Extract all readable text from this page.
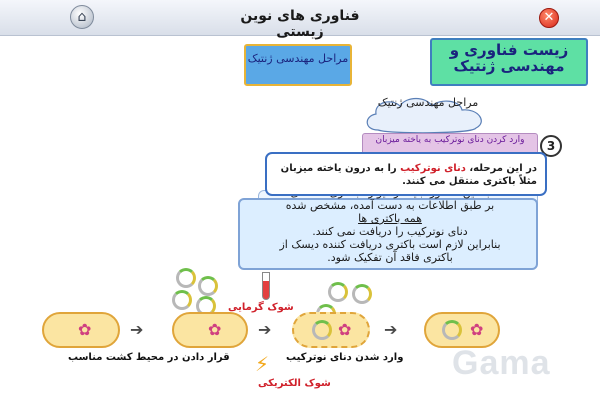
⌂	فناوری های نوین زیستی
✕
مراحل مهندسی ژنتیک	زیست فناوری و مهندسی ژنتیک
مراحل مهندسی ژنتیک
وارد کردن دنای نوترکیب به یاخته میزبان	3
در این مرحله، دنای نوترکیب را به درون یاخته میزبان مثلاً باکتری منتقل می کنند.
بر طبق اطلاعات به دست آمده، مشخص شده
همه باکتری ها
دنای نوترکیب را دریافت نمی کنند.
بنابراین لازم است باکتری دریافت کننده دیسک از
باکتری فاقد آن تفکیک شود.
✿	✿	✿	✿
➔	➔	➔
شوک گرمایی
⚡
شوک الکتریکی
قرار دادن در محیط کشت مناسب	وارد شدن دنای نوترکیب Gama
